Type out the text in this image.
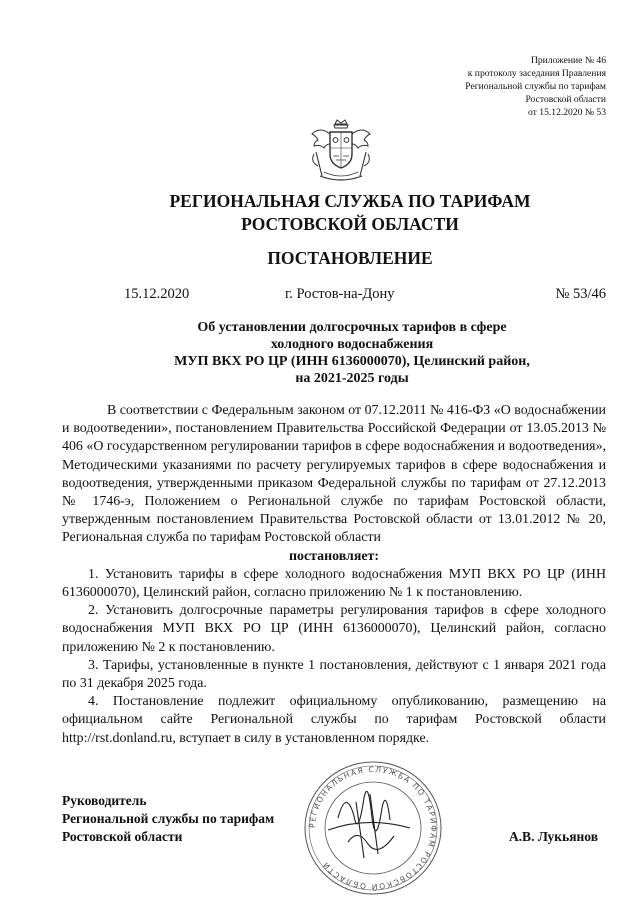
Приложение № 46
к протоколу заседания Правления
Региональной службы по тарифам
Ростовской области
от 15.12.2020 № 53
РЕГИОНАЛЬНАЯ СЛУЖБА ПО ТАРИФАМ
РОСТОВСКОЙ ОБЛАСТИ
ПОСТАНОВЛЕНИЕ
15.12.2020	г. Ростов-на-Дону	№ 53/46
Об установлении долгосрочных тарифов в сфере
холодного водоснабжения
МУП ВКХ РО ЦР (ИНН 6136000070), Целинский район,
на 2021-2025 годы

В соответствии с Федеральным законом от 07.12.2011 № 416-ФЗ «О водоснабжении и водоотведении», постановлением Правительства Российской Федерации от 13.05.2013 № 406 «О государственном регулировании тарифов в сфере водоснабжения и водоотведения», Методическими указаниями по расчету регулируемых тарифов в сфере водоснабжения и водоотведения, утвержденными приказом Федеральной службы по тарифам от 27.12.2013 № 1746-э, Положением о Региональной службе по тарифам Ростовской области, утвержденным постановлением Правительства Ростовской области от 13.01.2012 № 20, Региональная служба по тарифам Ростовской области

постановляет:

1. Установить тарифы в сфере холодного водоснабжения МУП ВКХ РО ЦР (ИНН 6136000070), Целинский район, согласно приложению № 1 к постановлению.

2. Установить долгосрочные параметры регулирования тарифов в сфере холодного водоснабжения МУП ВКХ РО ЦР (ИНН 6136000070), Целинский район, согласно приложению № 2 к постановлению.

3. Тарифы, установленные в пункте 1 постановления, действуют с 1 января 2021 года по 31 декабря 2025 года.

4. Постановление подлежит официальному опубликованию, размещению на официальном сайте Региональной службы по тарифам Ростовской области http://rst.donland.ru, вступает в силу в установленном порядке.

РЕГИОНАЛЬНАЯ СЛУЖБА ПО ТАРИФАМ РОСТОВСКОЙ ОБЛАСТИ
Руководитель
Региональной службы по тарифам
Ростовской области	А.В. Лукьянов
